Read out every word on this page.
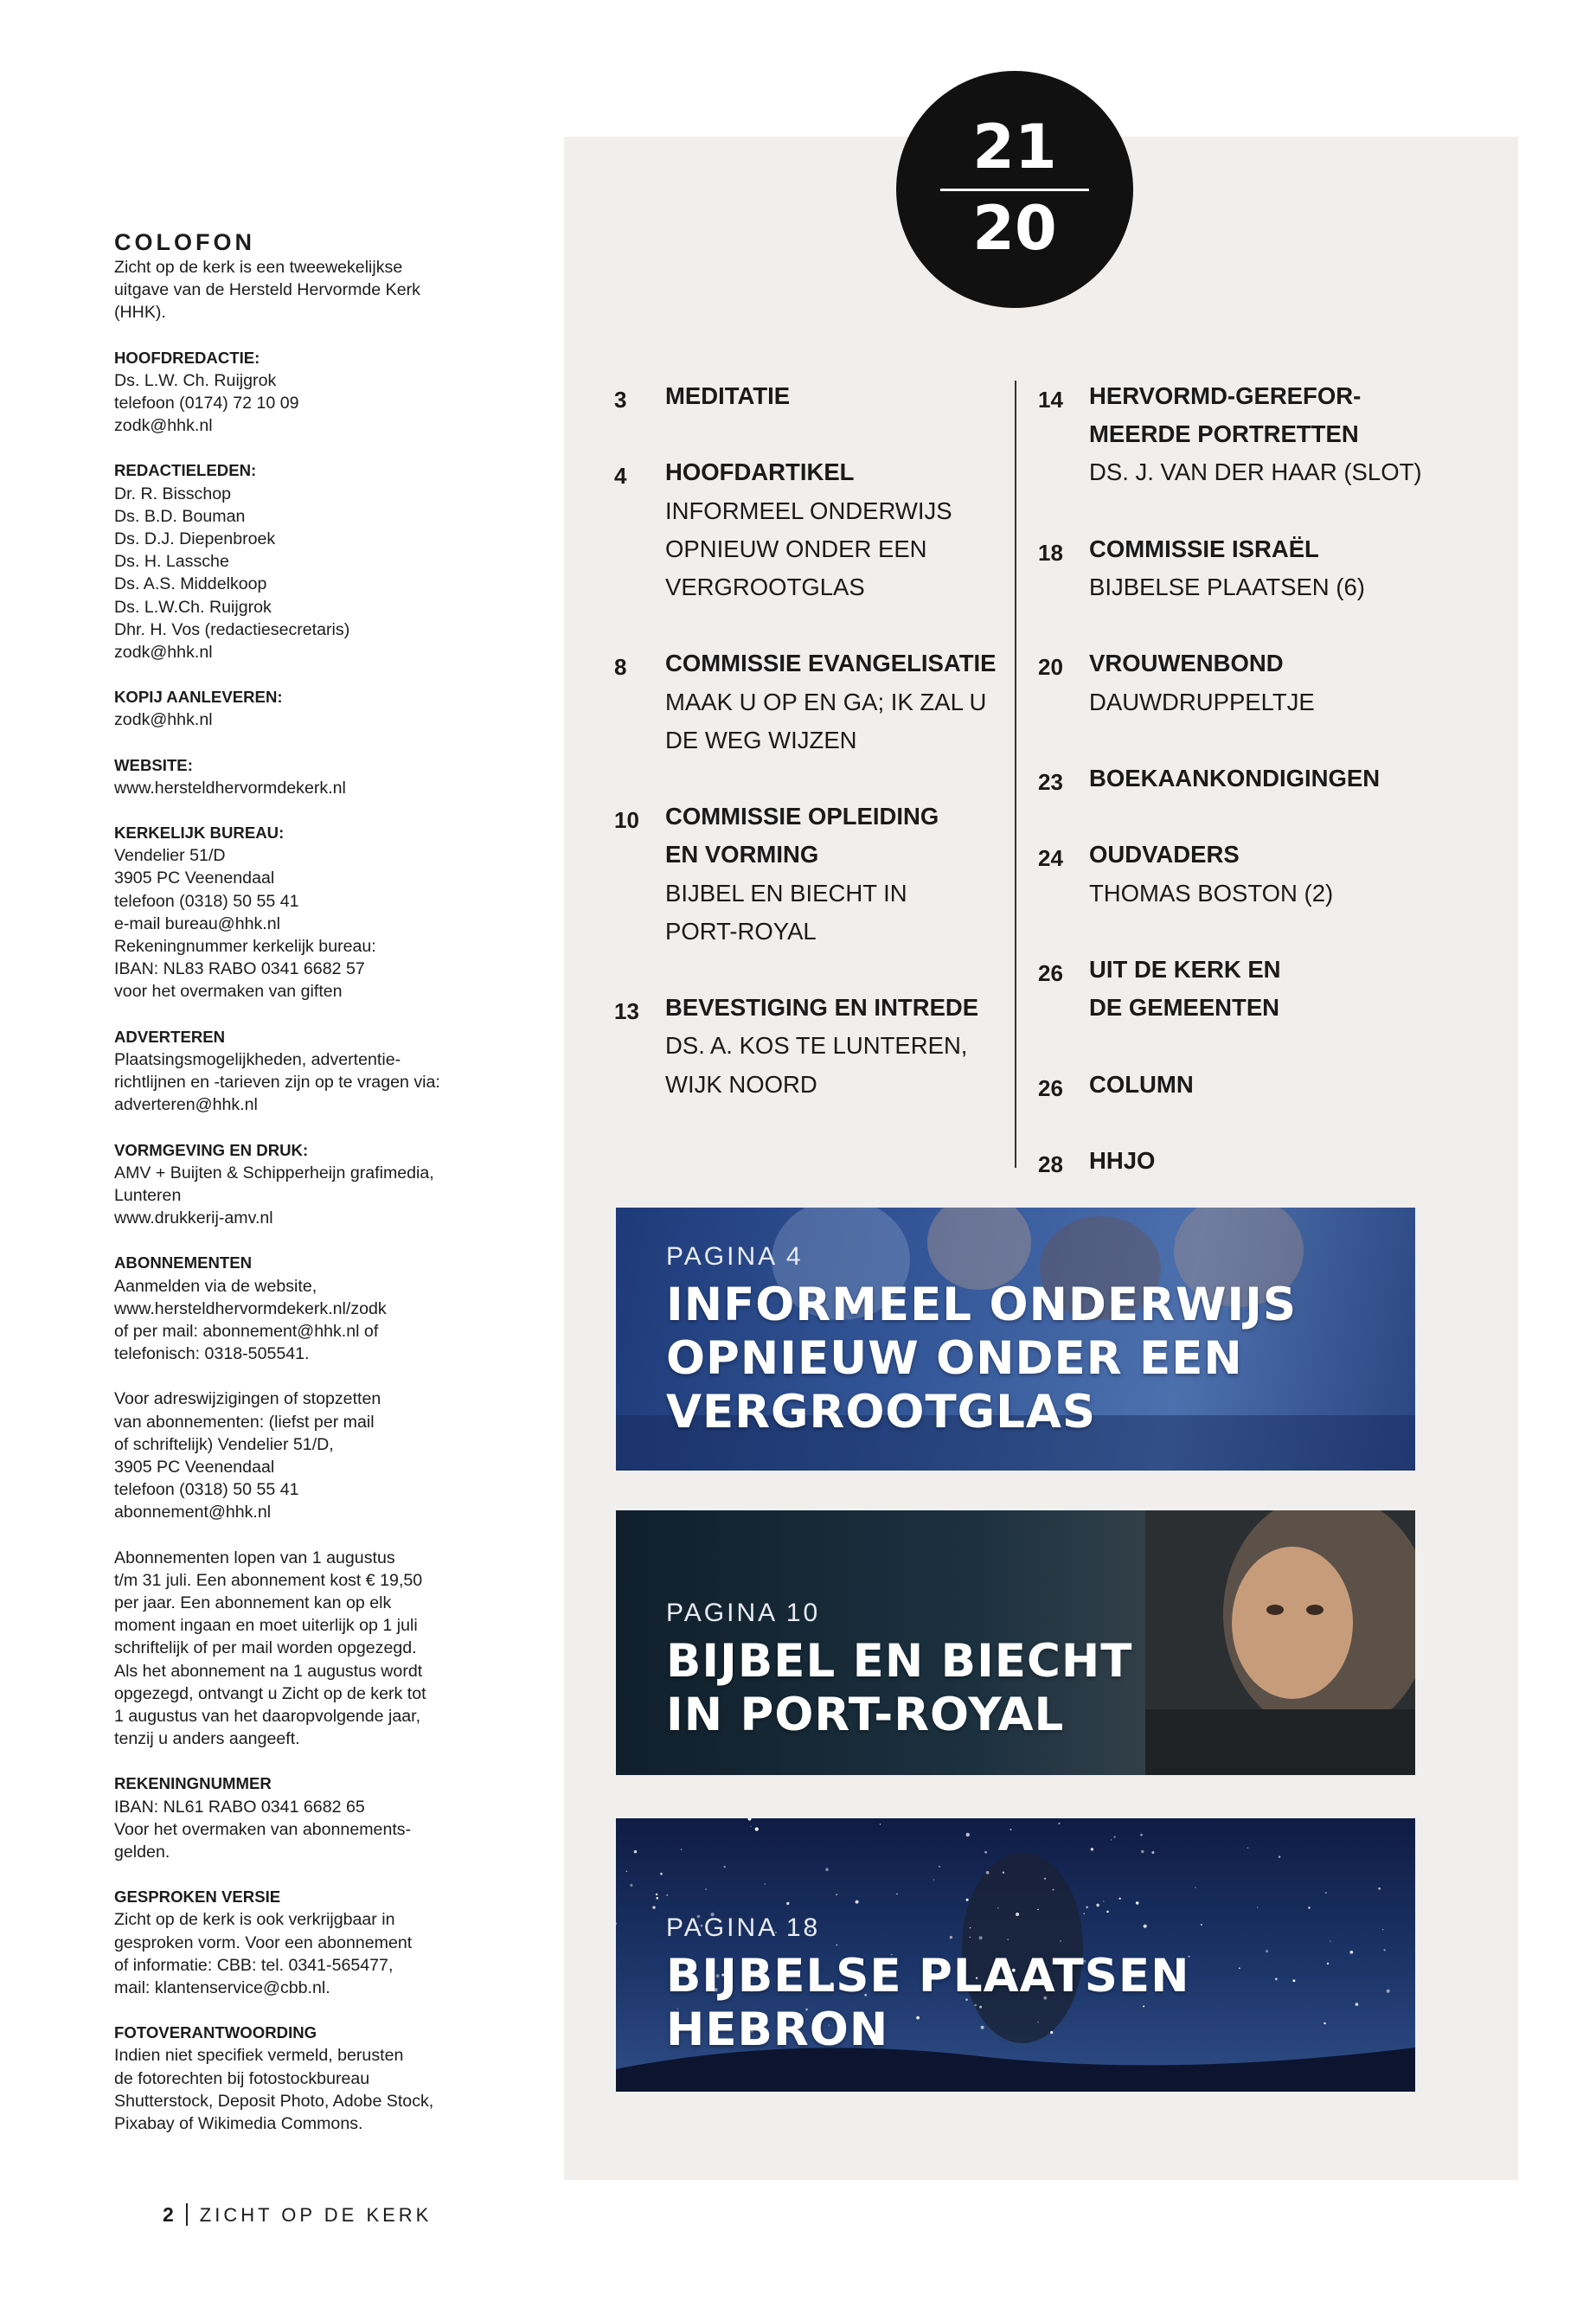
COLOFON
Zicht op de kerk is een tweewekelijkse
uitgave van de Hersteld Hervormde Kerk
(HHK).
HOOFDREDACTIE:
Ds. L.W. Ch. Ruijgrok
telefoon (0174) 72 10 09
zodk@hhk.nl
REDACTIELEDEN:
Dr. R. Bisschop
Ds. B.D. Bouman
Ds. D.J. Diepenbroek
Ds. H. Lassche
Ds. A.S. Middelkoop
Ds. L.W.Ch. Ruijgrok
Dhr. H. Vos (redactiesecretaris)
zodk@hhk.nl
KOPIJ AANLEVEREN:
zodk@hhk.nl
WEBSITE:
www.hersteldhervormdekerk.nl
KERKELIJK BUREAU:
Vendelier 51/D
3905 PC Veenendaal
telefoon (0318) 50 55 41
e-mail bureau@hhk.nl
Rekeningnummer kerkelijk bureau:
IBAN: NL83 RABO 0341 6682 57
voor het overmaken van giften
ADVERTEREN
Plaatsingsmogelijkheden, advertentie-
richtlijnen en -tarieven zijn op te vragen via:
adverteren@hhk.nl
VORMGEVING EN DRUK:
AMV + Buijten & Schipperheijn grafimedia,
Lunteren
www.drukkerij-amv.nl
ABONNEMENTEN
Aanmelden via de website,
www.hersteldhervormdekerk.nl/zodk
of per mail: abonnement@hhk.nl of
telefonisch: 0318-505541.
Voor adreswijzigingen of stopzetten
van abonnementen: (liefst per mail
of schriftelijk) Vendelier 51/D,
3905 PC Veenendaal
telefoon (0318) 50 55 41
abonnement@hhk.nl
Abonnementen lopen van 1 augustus
t/m 31 juli. Een abonnement kost € 19,50
per jaar. Een abonnement kan op elk
moment ingaan en moet uiterlijk op 1 juli
schriftelijk of per mail worden opgezegd.
Als het abonnement na 1 augustus wordt
opgezegd, ontvangt u Zicht op de kerk tot
1 augustus van het daaropvolgende jaar,
tenzij u anders aangeeft.
REKENINGNUMMER
IBAN: NL61 RABO 0341 6682 65
Voor het overmaken van abonnements-
gelden.
GESPROKEN VERSIE
Zicht op de kerk is ook verkrijgbaar in
gesproken vorm. Voor een abonnement
of informatie: CBB: tel. 0341-565477,
mail: klantenservice@cbb.nl.
FOTOVERANTWOORDING
Indien niet specifiek vermeld, berusten
de fotorechten bij fotostockbureau
Shutterstock, Deposit Photo, Adobe Stock,
Pixabay of Wikimedia Commons.
21
20
3	MEDITATIE
4	HOOFDARTIKEL
INFORMEEL ONDERWIJS
OPNIEUW ONDER EEN
VERGROOTGLAS
8	COMMISSIE EVANGELISATIE
MAAK U OP EN GA; IK ZAL U
DE WEG WIJZEN
10 COMMISSIE OPLEIDING
EN VORMING
BIJBEL EN BIECHT IN
PORT-ROYAL
13 BEVESTIGING EN INTREDE
DS. A. KOS TE LUNTEREN,
WIJK NOORD
14 HERVORMD-GEREFOR-
MEERDE PORTRETTEN
DS. J. VAN DER HAAR (SLOT)
18 COMMISSIE ISRAËL
BIJBELSE PLAATSEN (6)
20 VROUWENBOND
DAUWDRUPPELTJE
23 BOEKAANKONDIGINGEN
24 OUDVADERS
THOMAS BOSTON (2)
26 UIT DE KERK EN
DE GEMEENTEN
26 COLUMN
28 HHJO
PAGINA 4
INFORMEEL ONDERWIJS
OPNIEUW ONDER EEN
VERGROOTGLAS
PAGINA 10
BIJBEL EN BIECHT
IN PORT-ROYAL
PAGINA 18
BIJBELSE PLAATSEN
HEBRON
2 ZICHT OP DE KERK
